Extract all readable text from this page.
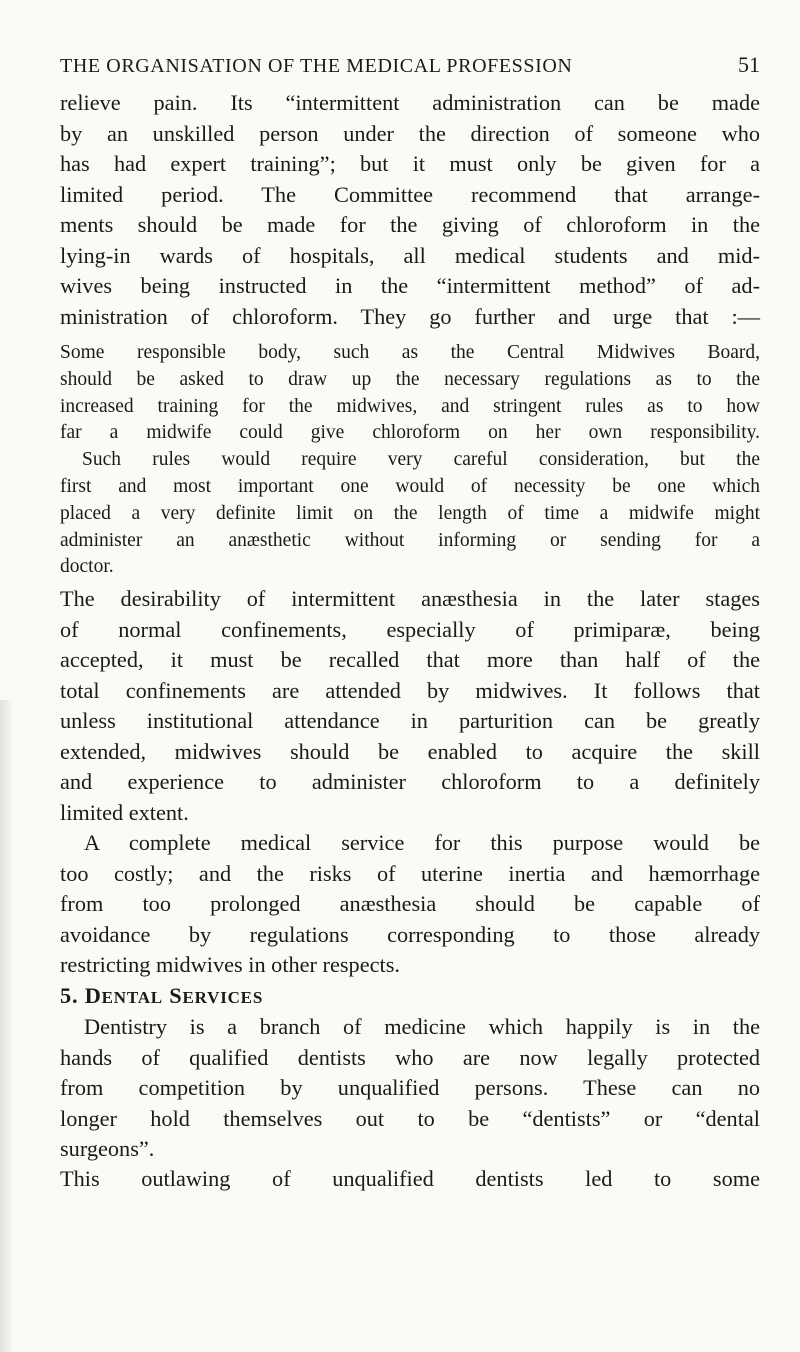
THE ORGANISATION OF THE MEDICAL PROFESSION	51

relieve pain. Its “intermittent administration can be made
by an unskilled person under the direction of someone who
has had expert training”; but it must only be given for a
limited period. The Committee recommend that arrange-
ments should be made for the giving of chloroform in the
lying-in wards of hospitals, all medical students and mid-
wives being instructed in the “intermittent method” of ad-
ministration of chloroform. They go further and urge that :—

Some responsible body, such as the Central Midwives Board,
should be asked to draw up the necessary regulations as to the
increased training for the midwives, and stringent rules as to how
far a midwife could give chloroform on her own responsibility.
Such rules would require very careful consideration, but the
first and most important one would of necessity be one which
placed a very definite limit on the length of time a midwife might
administer an anæsthetic without informing or sending for a
doctor.

The desirability of intermittent anæsthesia in the later stages
of normal confinements, especially of primiparæ, being
accepted, it must be recalled that more than half of the
total confinements are attended by midwives. It follows that
unless institutional attendance in parturition can be greatly
extended, midwives should be enabled to acquire the skill
and experience to administer chloroform to a definitely
limited extent.

A complete medical service for this purpose would be
too costly; and the risks of uterine inertia and hæmorrhage
from too prolonged anæsthesia should be capable of
avoidance by regulations corresponding to those already
restricting midwives in other respects.

5. DENTAL SERVICES

Dentistry is a branch of medicine which happily is in the
hands of qualified dentists who are now legally protected
from competition by unqualified persons. These can no
longer hold themselves out to be “dentists” or “dental
surgeons”.

This outlawing of unqualified dentists led to some
